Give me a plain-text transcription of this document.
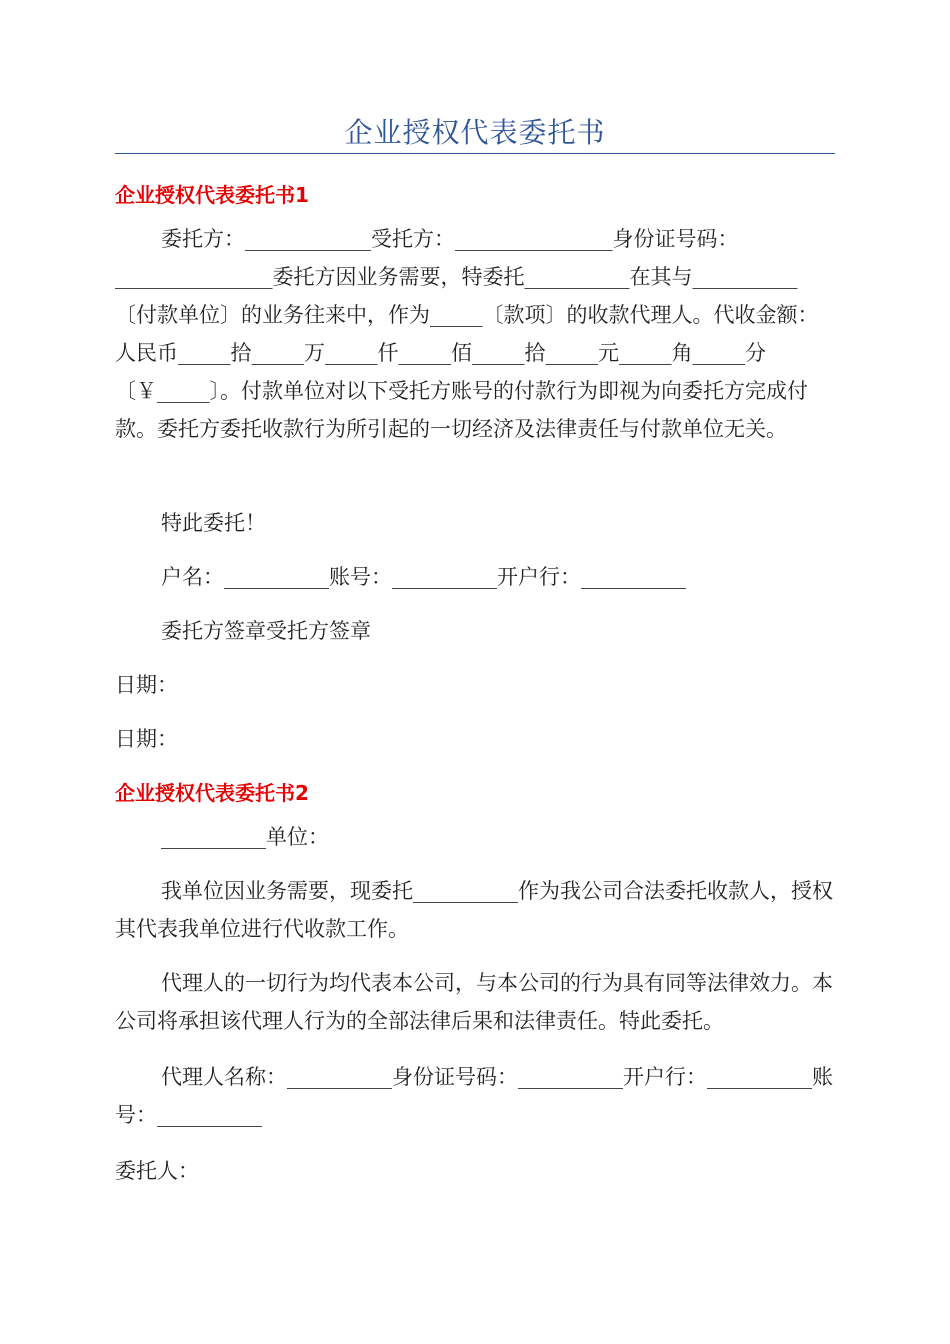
企业授权代表委托书
企业授权代表委托书1
委托方：____________受托方：_______________身份证号码：_______________委托方因业务需要，特委托__________在其与__________〔付款单位〕的业务往来中，作为_____〔款项〕的收款代理人。代收金额：人民币_____拾_____万_____仟_____佰_____拾_____元_____角_____分〔￥_____〕。付款单位对以下受托方账号的付款行为即视为向委托方完成付款。委托方委托收款行为所引起的一切经济及法律责任与付款单位无关。
特此委托！
户名：__________账号：__________开户行：__________
委托方签章受托方签章
日期：
日期：
企业授权代表委托书2
__________单位：
我单位因业务需要，现委托__________作为我公司合法委托收款人，授权其代表我单位进行代收款工作。
代理人的一切行为均代表本公司，与本公司的行为具有同等法律效力。本公司将承担该代理人行为的全部法律后果和法律责任。特此委托。
代理人名称：__________身份证号码：__________开户行：__________账号：__________
委托人：
